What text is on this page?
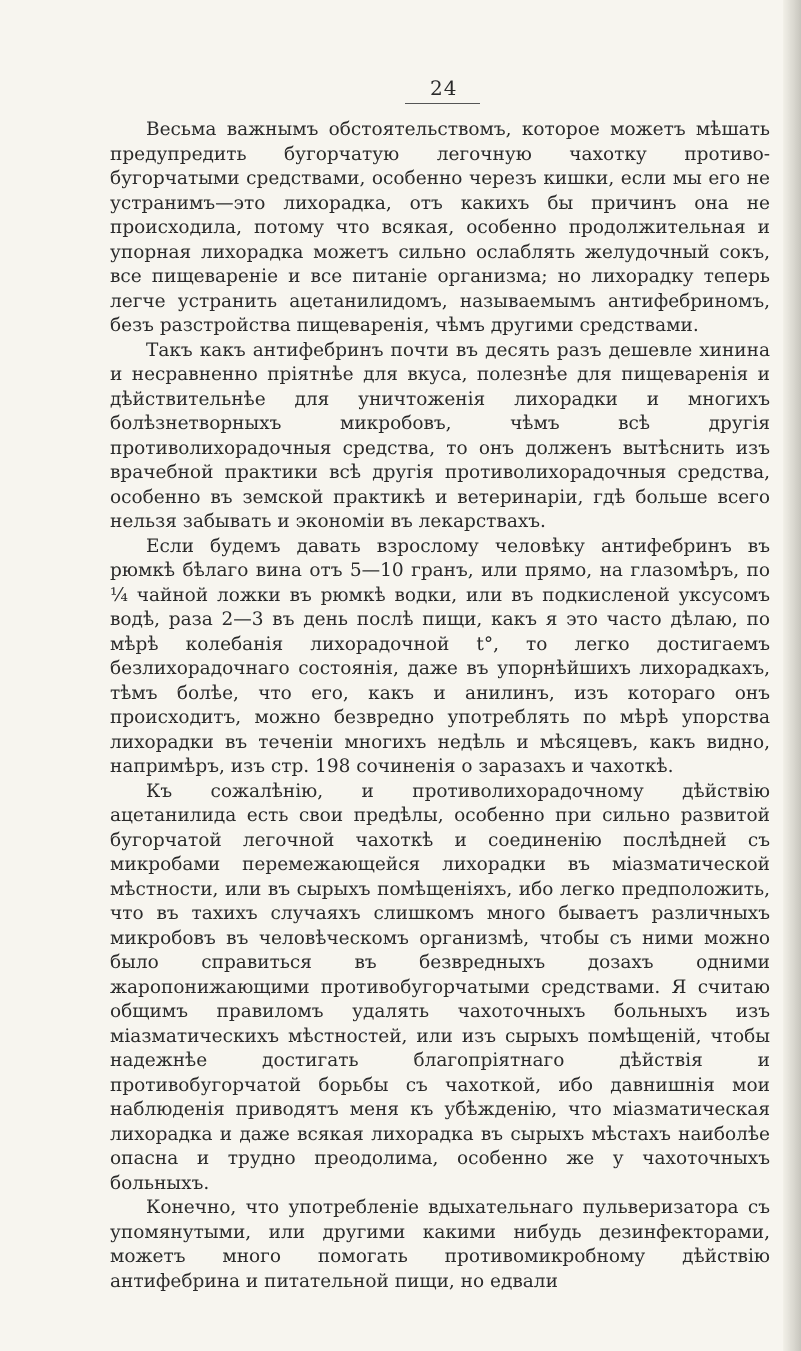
24

Весьма важнымъ обстоятельствомъ, которое можетъ мѣшать предупредить бугорчатую легочную чахотку противо-бугорчатыми средствами, особенно черезъ кишки, если мы его не устранимъ—это лихорадка, отъ какихъ бы причинъ она не происходила, потому что всякая, особенно продолжительная и упорная лихорадка можетъ сильно ослаблять желудочный сокъ, все пищевареніе и все питаніе организма; но лихорадку теперь легче устранить ацетанилидомъ, называемымъ антифебриномъ, безъ разстройства пищеваренія, чѣмъ другими средствами.

Такъ какъ антифебринъ почти въ десять разъ дешевле хинина и несравненно пріятнѣе для вкуса, полезнѣе для пищеваренія и дѣйствительнѣе для уничтоженія лихорадки и многихъ болѣзнетворныхъ микробовъ, чѣмъ всѣ другія противолихорадочныя средства, то онъ долженъ вытѣснить изъ врачебной практики всѣ другія противолихорадочныя средства, особенно въ земской практикѣ и ветеринаріи, гдѣ больше всего нельзя забывать и экономіи въ лекарствахъ.

Если будемъ давать взрослому человѣку антифебринъ въ рюмкѣ бѣлаго вина отъ 5—10 гранъ, или прямо, на глазомѣръ, по ¼ чайной ложки въ рюмкѣ водки, или въ подкисленой уксусомъ водѣ, раза 2—3 въ день послѣ пищи, какъ я это часто дѣлаю, по мѣрѣ колебанія лихорадочной t°, то легко достигаемъ безлихорадочнаго состоянія, даже въ упорнѣйшихъ лихорадкахъ, тѣмъ болѣе, что его, какъ и анилинъ, изъ котораго онъ происходитъ, можно безвредно употреблять по мѣрѣ упорства лихорадки въ теченіи многихъ недѣль и мѣсяцевъ, какъ видно, напримѣръ, изъ стр. 198 сочиненія о заразахъ и чахоткѣ.

Къ сожалѣнію, и противолихорадочному дѣйствію ацетанилида есть свои предѣлы, особенно при сильно развитой бугорчатой легочной чахоткѣ и соединенію послѣдней съ микробами перемежающейся лихорадки въ міазматической мѣстности, или въ сырыхъ помѣщеніяхъ, ибо легко предположить, что въ тахихъ случаяхъ слишкомъ много бываетъ различныхъ микробовъ въ человѣческомъ организмѣ, чтобы съ ними можно было справиться въ безвредныхъ дозахъ одними жаропонижающими противобугорчатыми средствами. Я считаю общимъ правиломъ удалять чахоточныхъ больныхъ изъ міазматическихъ мѣстностей, или изъ сырыхъ помѣщеній, чтобы надежнѣе достигать благопріятнаго дѣйствія и противобугорчатой борьбы съ чахоткой, ибо давнишнія мои наблюденія приводятъ меня къ убѣжденію, что міазматическая лихорадка и даже всякая лихорадка въ сырыхъ мѣстахъ наиболѣе опасна и трудно преодолима, особенно же у чахоточныхъ больныхъ.

Конечно, что употребленіе вдыхательнаго пульверизатора съ упомянутыми, или другими какими нибудь дезинфекторами, можетъ много помогать противомикробному дѣйствію антифебрина и питательной пищи, но едвали
